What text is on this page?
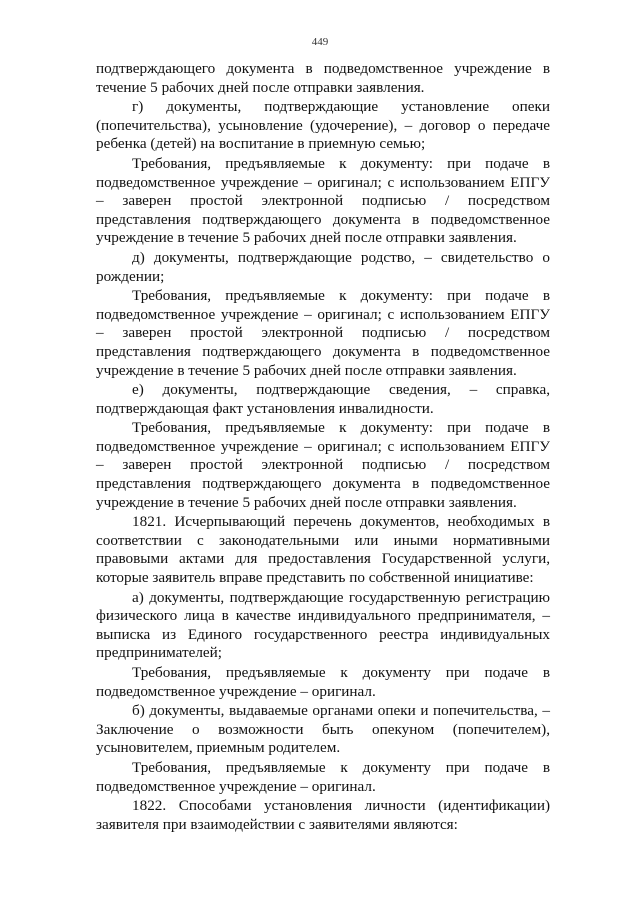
449

подтверждающего документа в подведомственное учреждение в течение 5 рабочих дней после отправки заявления.

г) документы, подтверждающие установление опеки (попечительства), усыновление (удочерение), – договор о передаче ребенка (детей) на воспитание в приемную семью;

Требования, предъявляемые к документу: при подаче в подведомственное учреждение – оригинал; с использованием ЕПГУ – заверен простой электронной подписью / посредством представления подтверждающего документа в подведомственное учреждение в течение 5 рабочих дней после отправки заявления.

д) документы, подтверждающие родство, – свидетельство о рождении;

Требования, предъявляемые к документу: при подаче в подведомственное учреждение – оригинал; с использованием ЕПГУ – заверен простой электронной подписью / посредством представления подтверждающего документа в подведомственное учреждение в течение 5 рабочих дней после отправки заявления.

е) документы, подтверждающие сведения, – справка, подтверждающая факт установления инвалидности.

Требования, предъявляемые к документу: при подаче в подведомственное учреждение – оригинал; с использованием ЕПГУ – заверен простой электронной подписью / посредством представления подтверждающего документа в подведомственное учреждение в течение 5 рабочих дней после отправки заявления.

1821. Исчерпывающий перечень документов, необходимых в соответствии с законодательными или иными нормативными правовыми актами для предоставления Государственной услуги, которые заявитель вправе представить по собственной инициативе:

а) документы, подтверждающие государственную регистрацию физического лица в качестве индивидуального предпринимателя, – выписка из Единого государственного реестра индивидуальных предпринимателей;

Требования, предъявляемые к документу при подаче в подведомственное учреждение – оригинал.

б) документы, выдаваемые органами опеки и попечительства, – Заключение о возможности быть опекуном (попечителем), усыновителем, приемным родителем.

Требования, предъявляемые к документу при подаче в подведомственное учреждение – оригинал.

1822. Способами установления личности (идентификации) заявителя при взаимодействии с заявителями являются:
